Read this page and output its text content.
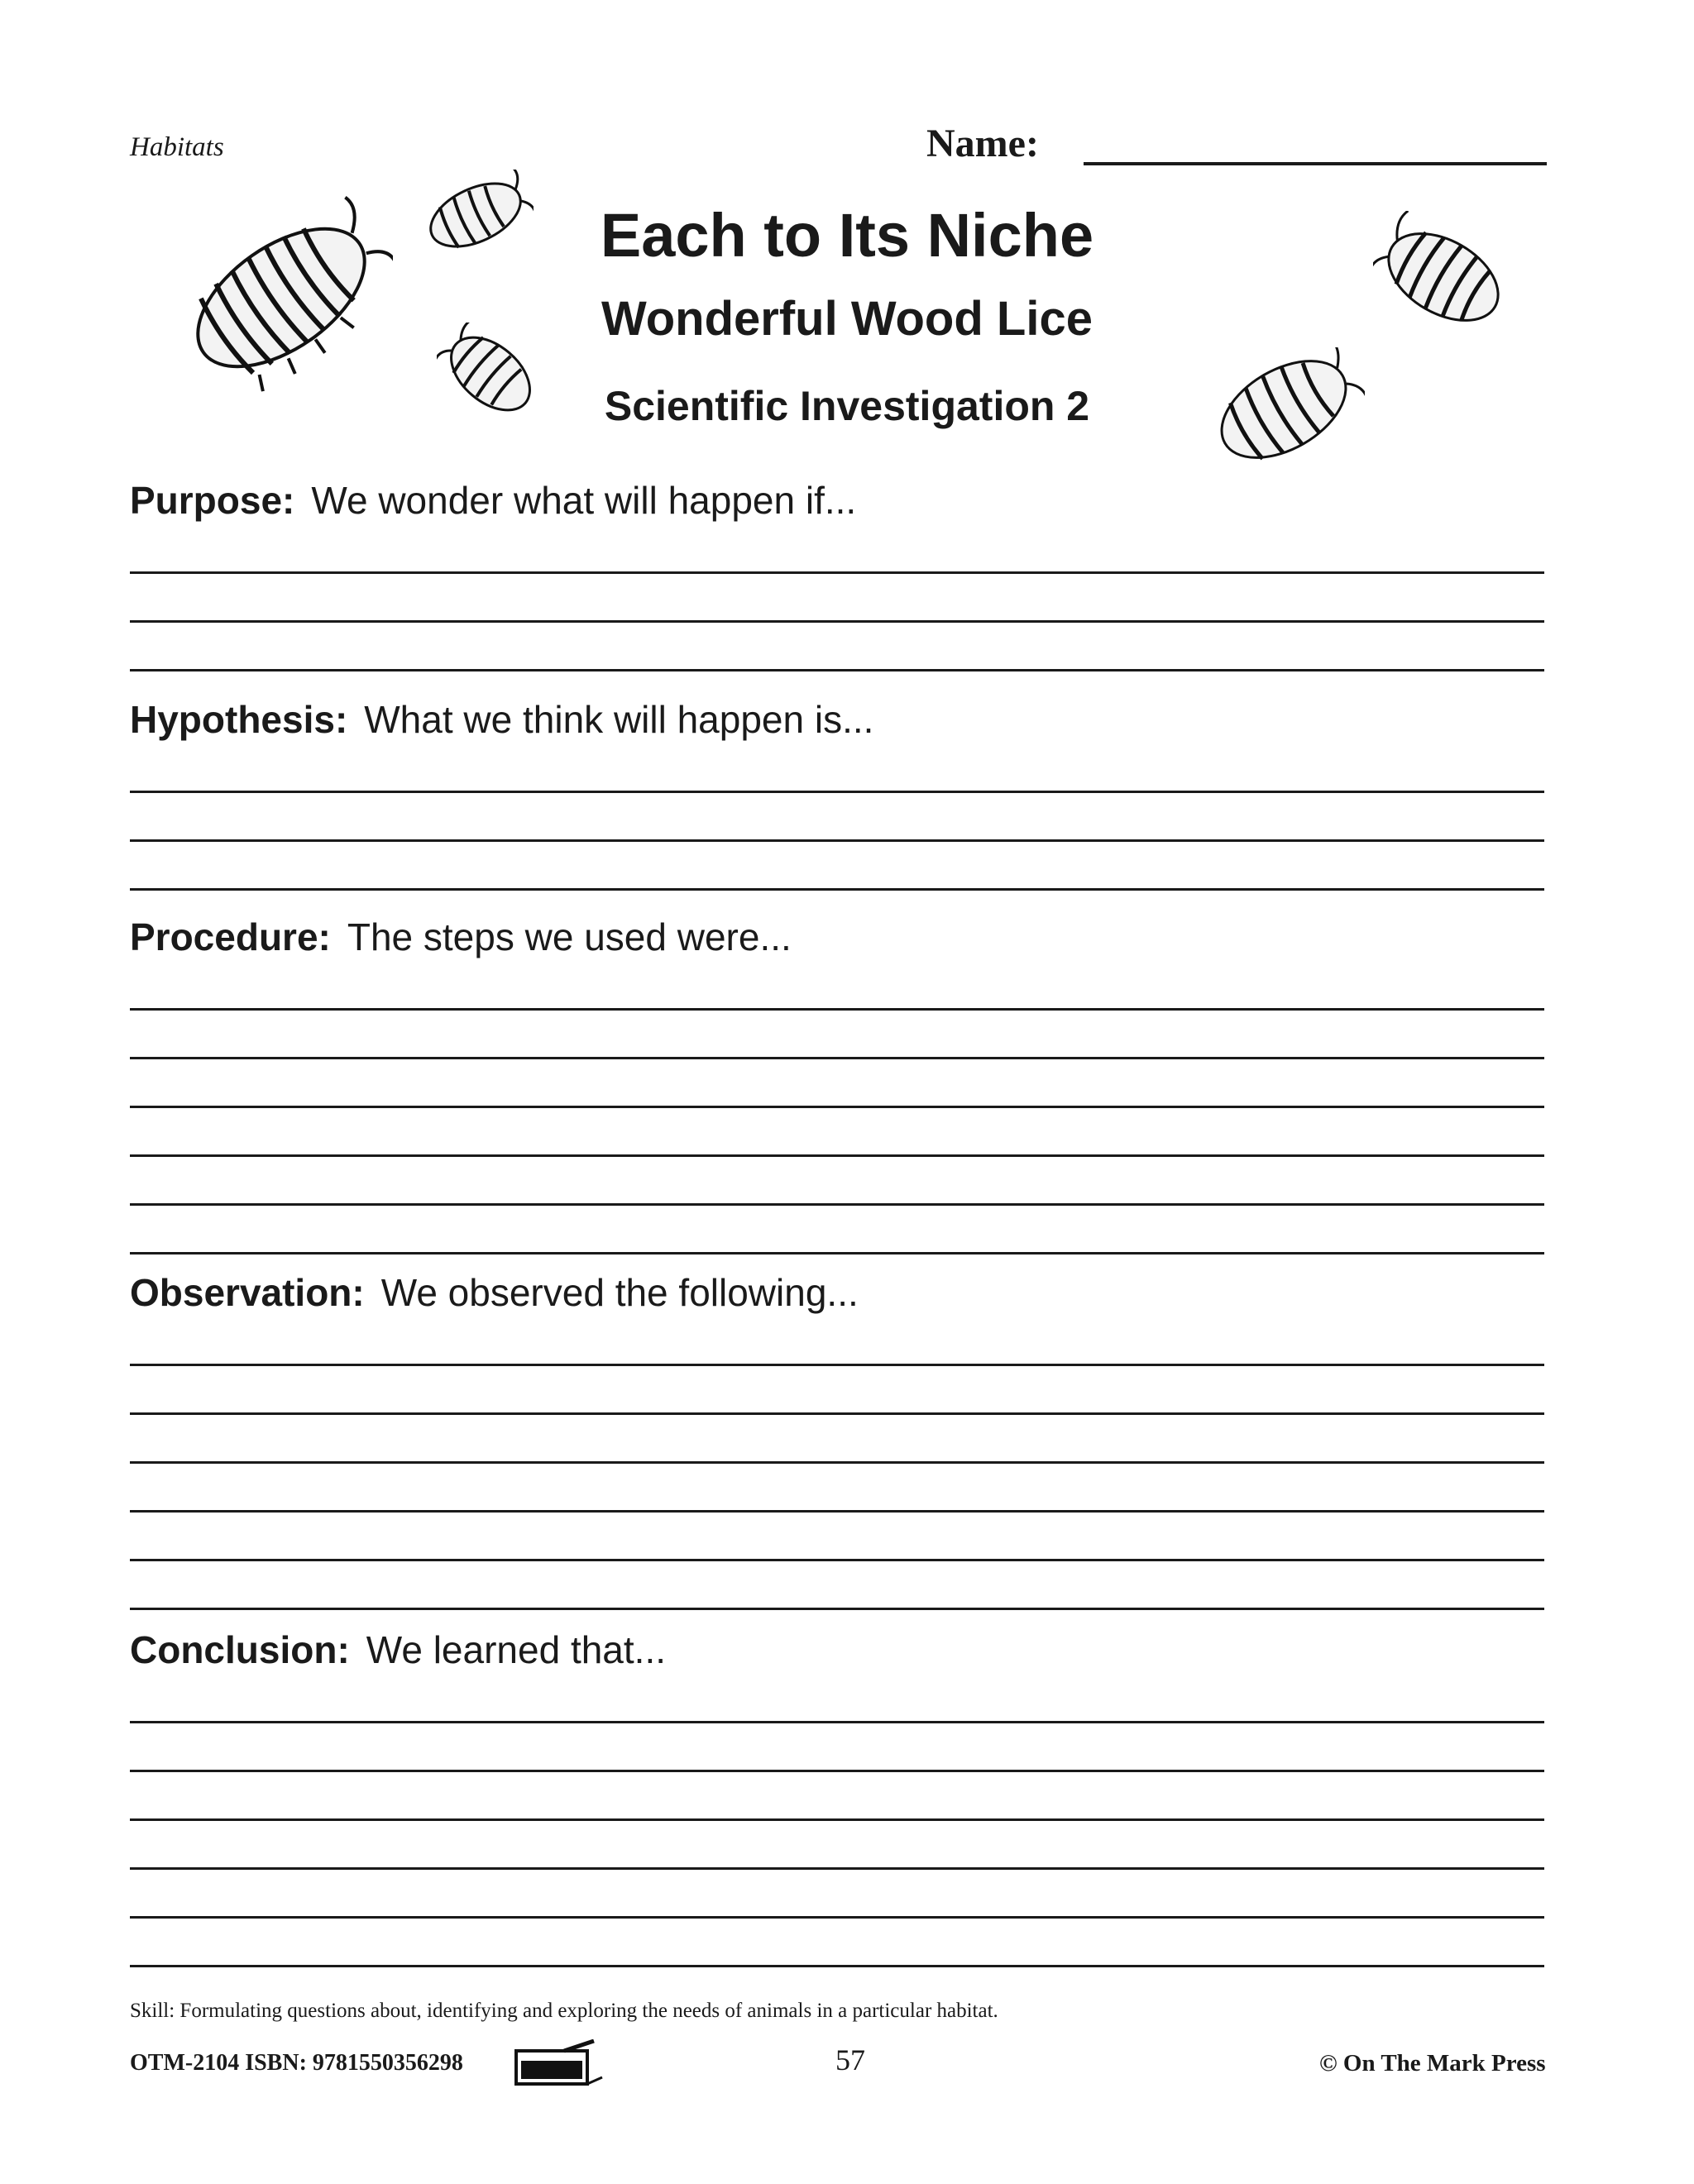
Habitats	Name:
Each to Its Niche
Wonderful Wood Lice
Scientific Investigation 2
Purpose: We wonder what will happen if...
Hypothesis: What we think will happen is...
Procedure: The steps we used were...
Observation: We observed the following...
Conclusion: We learned that...
Skill: Formulating questions about, identifying and exploring the needs of animals in a particular habitat.
OTM-2104 ISBN: 9781550356298	57	© On The Mark Press
